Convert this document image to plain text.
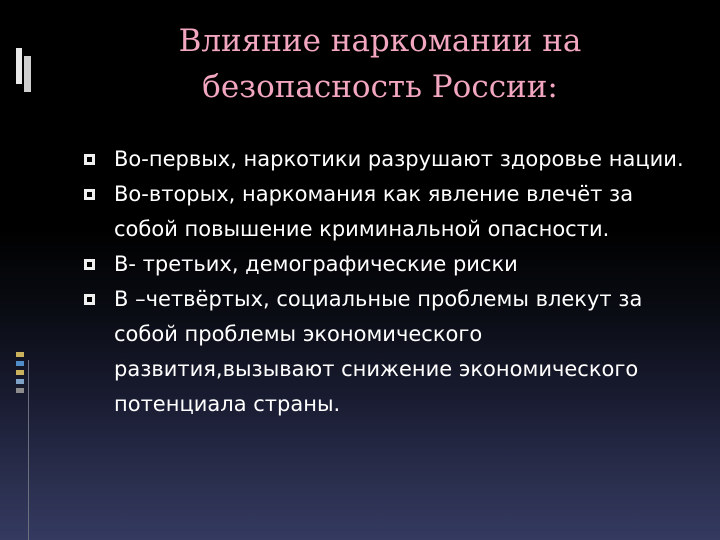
Влияние наркомании на
безопасность России:
Во-первых, наркотики разрушают здоровье нации.
Во-вторых, наркомания как явление влечёт за собой повышение криминальной опасности.
В- третьих, демографические риски
В –четвёртых, социальные проблемы влекут за собой проблемы экономического развития,вызывают снижение экономического потенциала страны.
